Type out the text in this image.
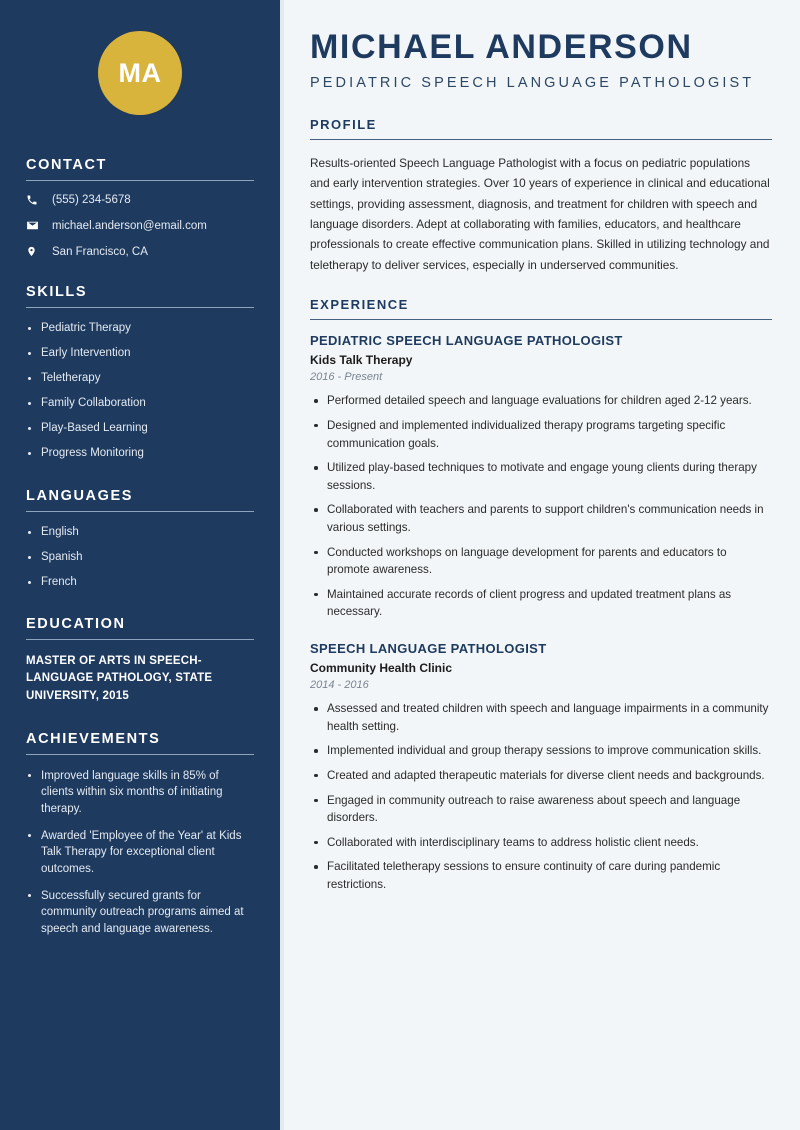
MA
CONTACT
(555) 234-5678
michael.anderson@email.com
San Francisco, CA
SKILLS
Pediatric Therapy
Early Intervention
Teletherapy
Family Collaboration
Play-Based Learning
Progress Monitoring
LANGUAGES
English
Spanish
French
EDUCATION
MASTER OF ARTS IN SPEECH-LANGUAGE PATHOLOGY, STATE UNIVERSITY, 2015
ACHIEVEMENTS
Improved language skills in 85% of clients within six months of initiating therapy.
Awarded 'Employee of the Year' at Kids Talk Therapy for exceptional client outcomes.
Successfully secured grants for community outreach programs aimed at speech and language awareness.
MICHAEL ANDERSON
PEDIATRIC SPEECH LANGUAGE PATHOLOGIST
PROFILE

Results-oriented Speech Language Pathologist with a focus on pediatric populations and early intervention strategies. Over 10 years of experience in clinical and educational settings, providing assessment, diagnosis, and treatment for children with speech and language disorders. Adept at collaborating with families, educators, and healthcare professionals to create effective communication plans. Skilled in utilizing technology and teletherapy to deliver services, especially in underserved communities.

EXPERIENCE
PEDIATRIC SPEECH LANGUAGE PATHOLOGIST
Kids Talk Therapy
2016 - Present
Performed detailed speech and language evaluations for children aged 2-12 years.
Designed and implemented individualized therapy programs targeting specific communication goals.
Utilized play-based techniques to motivate and engage young clients during therapy sessions.
Collaborated with teachers and parents to support children's communication needs in various settings.
Conducted workshops on language development for parents and educators to promote awareness.
Maintained accurate records of client progress and updated treatment plans as necessary.
SPEECH LANGUAGE PATHOLOGIST
Community Health Clinic
2014 - 2016
Assessed and treated children with speech and language impairments in a community health setting.
Implemented individual and group therapy sessions to improve communication skills.
Created and adapted therapeutic materials for diverse client needs and backgrounds.
Engaged in community outreach to raise awareness about speech and language disorders.
Collaborated with interdisciplinary teams to address holistic client needs.
Facilitated teletherapy sessions to ensure continuity of care during pandemic restrictions.
